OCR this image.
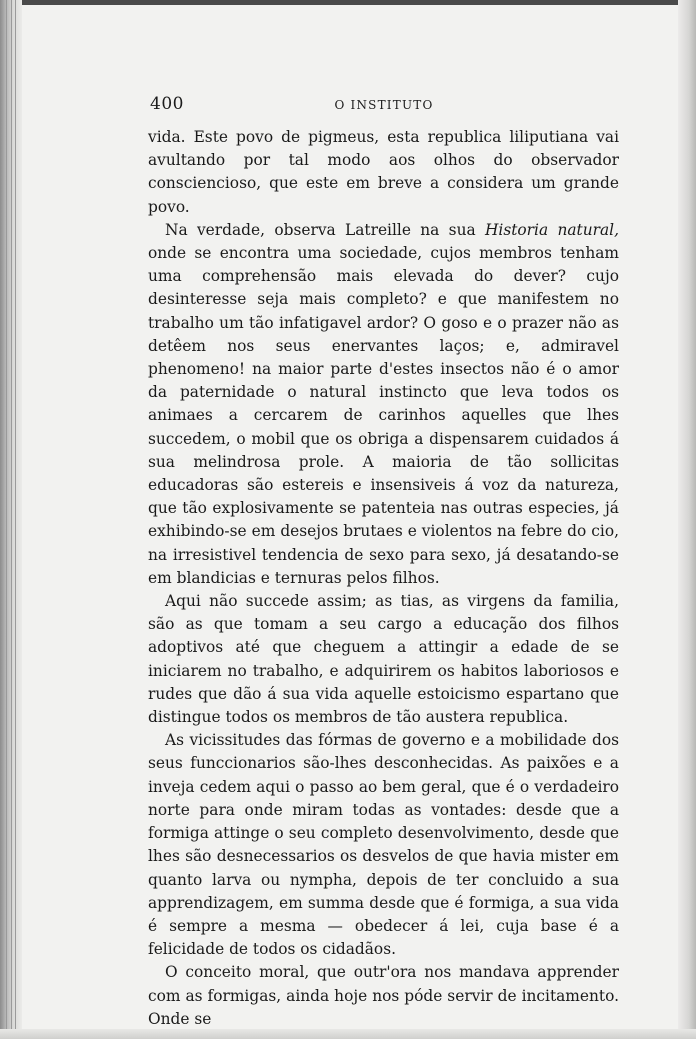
400	O INSTITUTO

vida. Este povo de pigmeus, esta republica liliputiana vai avultando por tal modo aos olhos do observador consciencioso, que este em breve a considera um grande povo.

Na verdade, observa Latreille na sua Historia natural, onde se encontra uma sociedade, cujos membros tenham uma comprehensão mais elevada do dever? cujo desinteresse seja mais completo? e que manifestem no trabalho um tão infatigavel ardor? O goso e o prazer não as detêem nos seus enervantes laços; e, admiravel phenomeno! na maior parte d'estes insectos não é o amor da paternidade o natural instincto que leva todos os animaes a cercarem de carinhos aquelles que lhes succedem, o mobil que os obriga a dispensarem cuidados á sua melindrosa prole. A maioria de tão sollicitas educadoras são estereis e insensiveis á voz da natureza, que tão explosivamente se patenteia nas outras especies, já exhibindo-se em desejos brutaes e violentos na febre do cio, na irresistivel tendencia de sexo para sexo, já desatando-se em blandicias e ternuras pelos filhos.

Aqui não succede assim; as tias, as virgens da familia, são as que tomam a seu cargo a educação dos filhos adoptivos até que cheguem a attingir a edade de se iniciarem no trabalho, e adquirirem os habitos laboriosos e rudes que dão á sua vida aquelle estoicismo espartano que distingue todos os membros de tão austera republica.

As vicissitudes das fórmas de governo e a mobilidade dos seus funccionarios são-lhes desconhecidas. As paixões e a inveja cedem aqui o passo ao bem geral, que é o verdadeiro norte para onde miram todas as vontades: desde que a formiga attinge o seu completo desenvolvimento, desde que lhes são desnecessarios os desvelos de que havia mister em quanto larva ou nympha, depois de ter concluido a sua apprendizagem, em summa desde que é formiga, a sua vida é sempre a mesma — obedecer á lei, cuja base é a felicidade de todos os cidadãos.

O conceito moral, que outr'ora nos mandava apprender com as formigas, ainda hoje nos póde servir de incitamento. Onde se
